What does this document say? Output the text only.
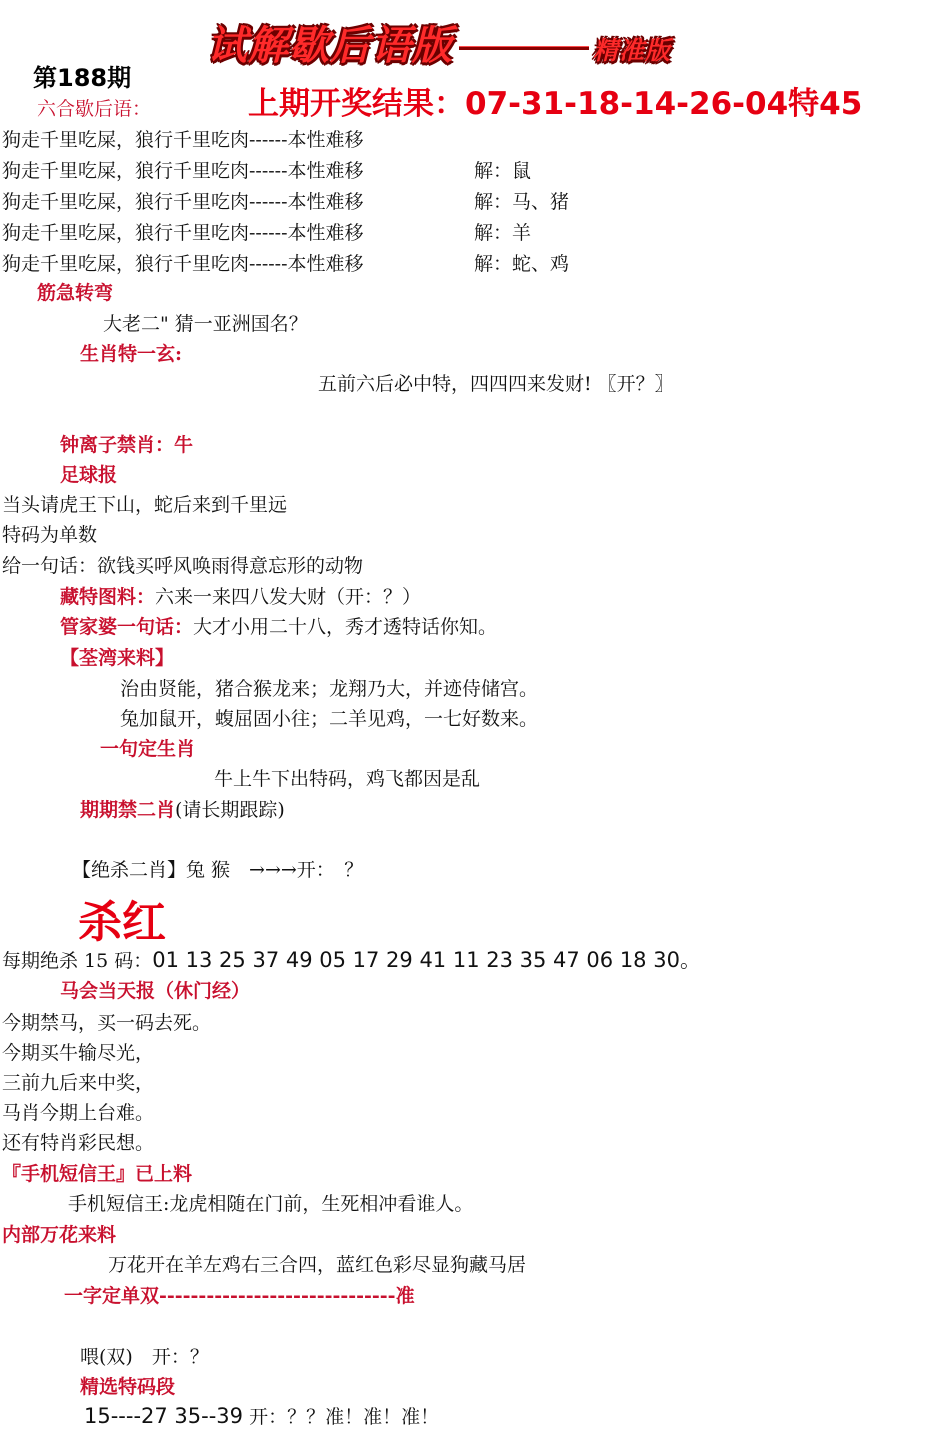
试解歇后语版	精准版
第188期
上期开奖结果：07-31-18-14-26-04特45
六合歇后语：
狗走千里吃屎，狼行千里吃肉------本性难移
狗走千里吃屎，狼行千里吃肉------本性难移	解：鼠
狗走千里吃屎，狼行千里吃肉------本性难移	解：马、猪
狗走千里吃屎，狼行千里吃肉------本性难移	解：羊
狗走千里吃屎，狼行千里吃肉------本性难移	解：蛇、鸡
筋急转弯
大老二" 猜一亚洲国名？
生肖特一玄:
五前六后必中特，四四四来发财! 〖开？〗
钟离子禁肖：牛
足球报
当头请虎王下山，蛇后来到千里远
特码为单数
给一句话：欲钱买呼风唤雨得意忘形的动物
藏特图料：六来一来四八发大财（开：？）
管家婆一句话：大才小用二十八，秀才透特话你知。
【荃湾来料】
治由贤能，猪合猴龙来；龙翔乃大，并迹侍储宫。
兔加鼠开，蝮屈固小往；二羊见鸡，一七好数来。
一句定生肖
牛上牛下出特码，鸡飞都因是乱
期期禁二肖(请长期跟踪)
【绝杀二肖】兔 猴　→→→开：　？
杀红
每期绝杀 15 码：01 13 25 37 49 05 17 29 41 11 23 35 47 06 18 30。
马会当天报（休门经）
今期禁马，买一码去死。
今期买牛输尽光，
三前九后来中奖，
马肖今期上台难。
还有特肖彩民想。
『手机短信王』已上料
手机短信王:龙虎相随在门前，生死相冲看谁人。
内部万花来料
万花开在羊左鸡右三合四，蓝红色彩尽显狗藏马居
一字定单双------------------------------准
喂(双)　开：？
精选特码段
15----27 35--39 开：？？准！准！准！
